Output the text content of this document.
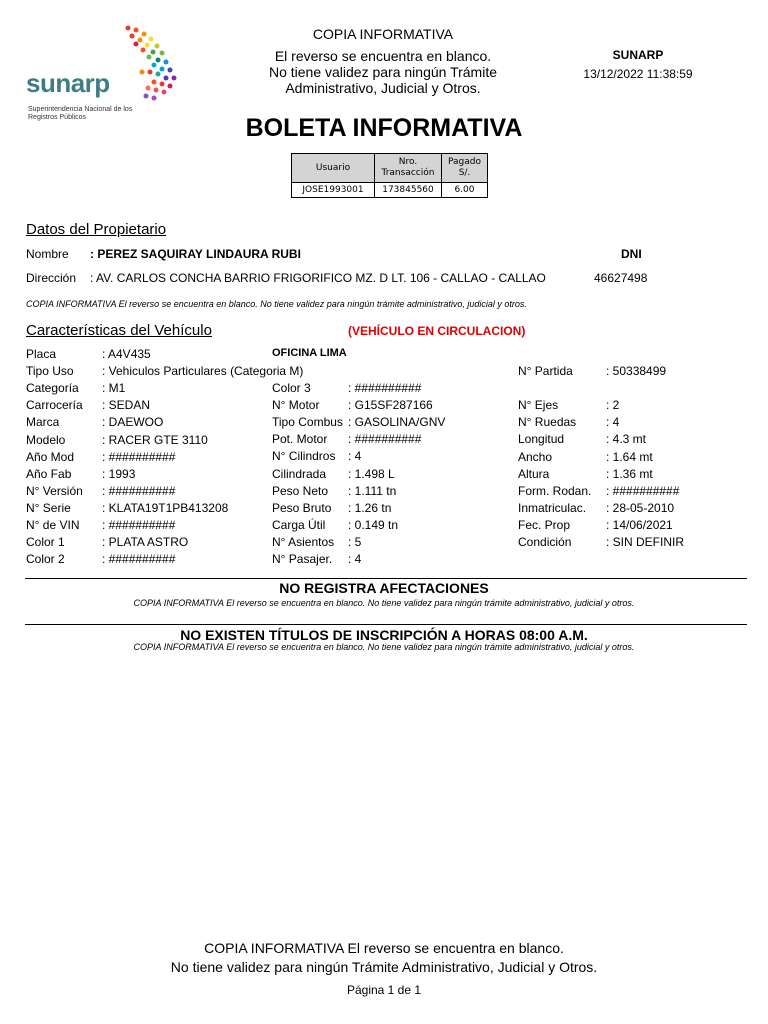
sunarp
Superintendencia Nacional de los Registros Públicos
COPIA INFORMATIVA
El reverso se encuentra en blanco.
No tiene validez para ningún Trámite
Administrativo, Judicial y Otros.
SUNARP
13/12/2022 11:38:59
BOLETA INFORMATIVA
Usuario	Nro. Transacción	Pagado S/.
JOSE1993001	173845560	6.00
Datos del Propietario
Nombre : PEREZ SAQUIRAY LINDAURA RUBI	DNI
Dirección : AV. CARLOS CONCHA BARRIO FRIGORIFICO MZ. D LT. 106 - CALLAO - CALLAO	46627498
COPIA INFORMATIVA El reverso se encuentra en blanco. No tiene validez para ningún trámite administrativo, judicial y otros.
Características del Vehículo	(VEHÍCULO EN CIRCULACION)
OFICINA LIMA
Placa	: A4V435
Tipo Uso : Vehiculos Particulares (Categoria M)
Categoría : M1
Carrocería : SEDAN
Marca	: DAEWOO
Modelo	: RACER GTE 3110
Año Mod : ##########
Año Fab	: 1993
N° Versión : ##########
N° Serie	: KLATA19T1PB413208
N° de VIN : ##########
Color 1	: PLATA ASTRO
Color 2	: ##########
Color 3	: ##########
N° Motor : G15SF287166
Tipo Combus : GASOLINA/GNV
Pot. Motor : ##########
N° Cilindros : 4
Cilindrada : 1.498 L
Peso Neto : 1.111 tn
Peso Bruto : 1.26 tn
Carga Útil : 0.149 tn
N° Asientos : 5
N° Pasajer. : 4
N° Partida	: 50338499
N° Ejes	: 2
N° Ruedas : 4
Longitud	: 4.3 mt
Ancho	: 1.64 mt
Altura	: 1.36 mt
Form. Rodan. : ##########
Inmatriculac. : 28-05-2010
Fec. Prop	: 14/06/2021
Condición	: SIN DEFINIR
NO REGISTRA AFECTACIONES
COPIA INFORMATIVA El reverso se encuentra en blanco. No tiene validez para ningún trámite administrativo, judicial y otros.
NO EXISTEN TÍTULOS DE INSCRIPCIÓN A HORAS 08:00 A.M.
COPIA INFORMATIVA El reverso se encuentra en blanco. No tiene validez para ningún trámite administrativo, judicial y otros.
COPIA INFORMATIVA El reverso se encuentra en blanco.
No tiene validez para ningún Trámite Administrativo, Judicial y Otros.
Página 1 de 1
